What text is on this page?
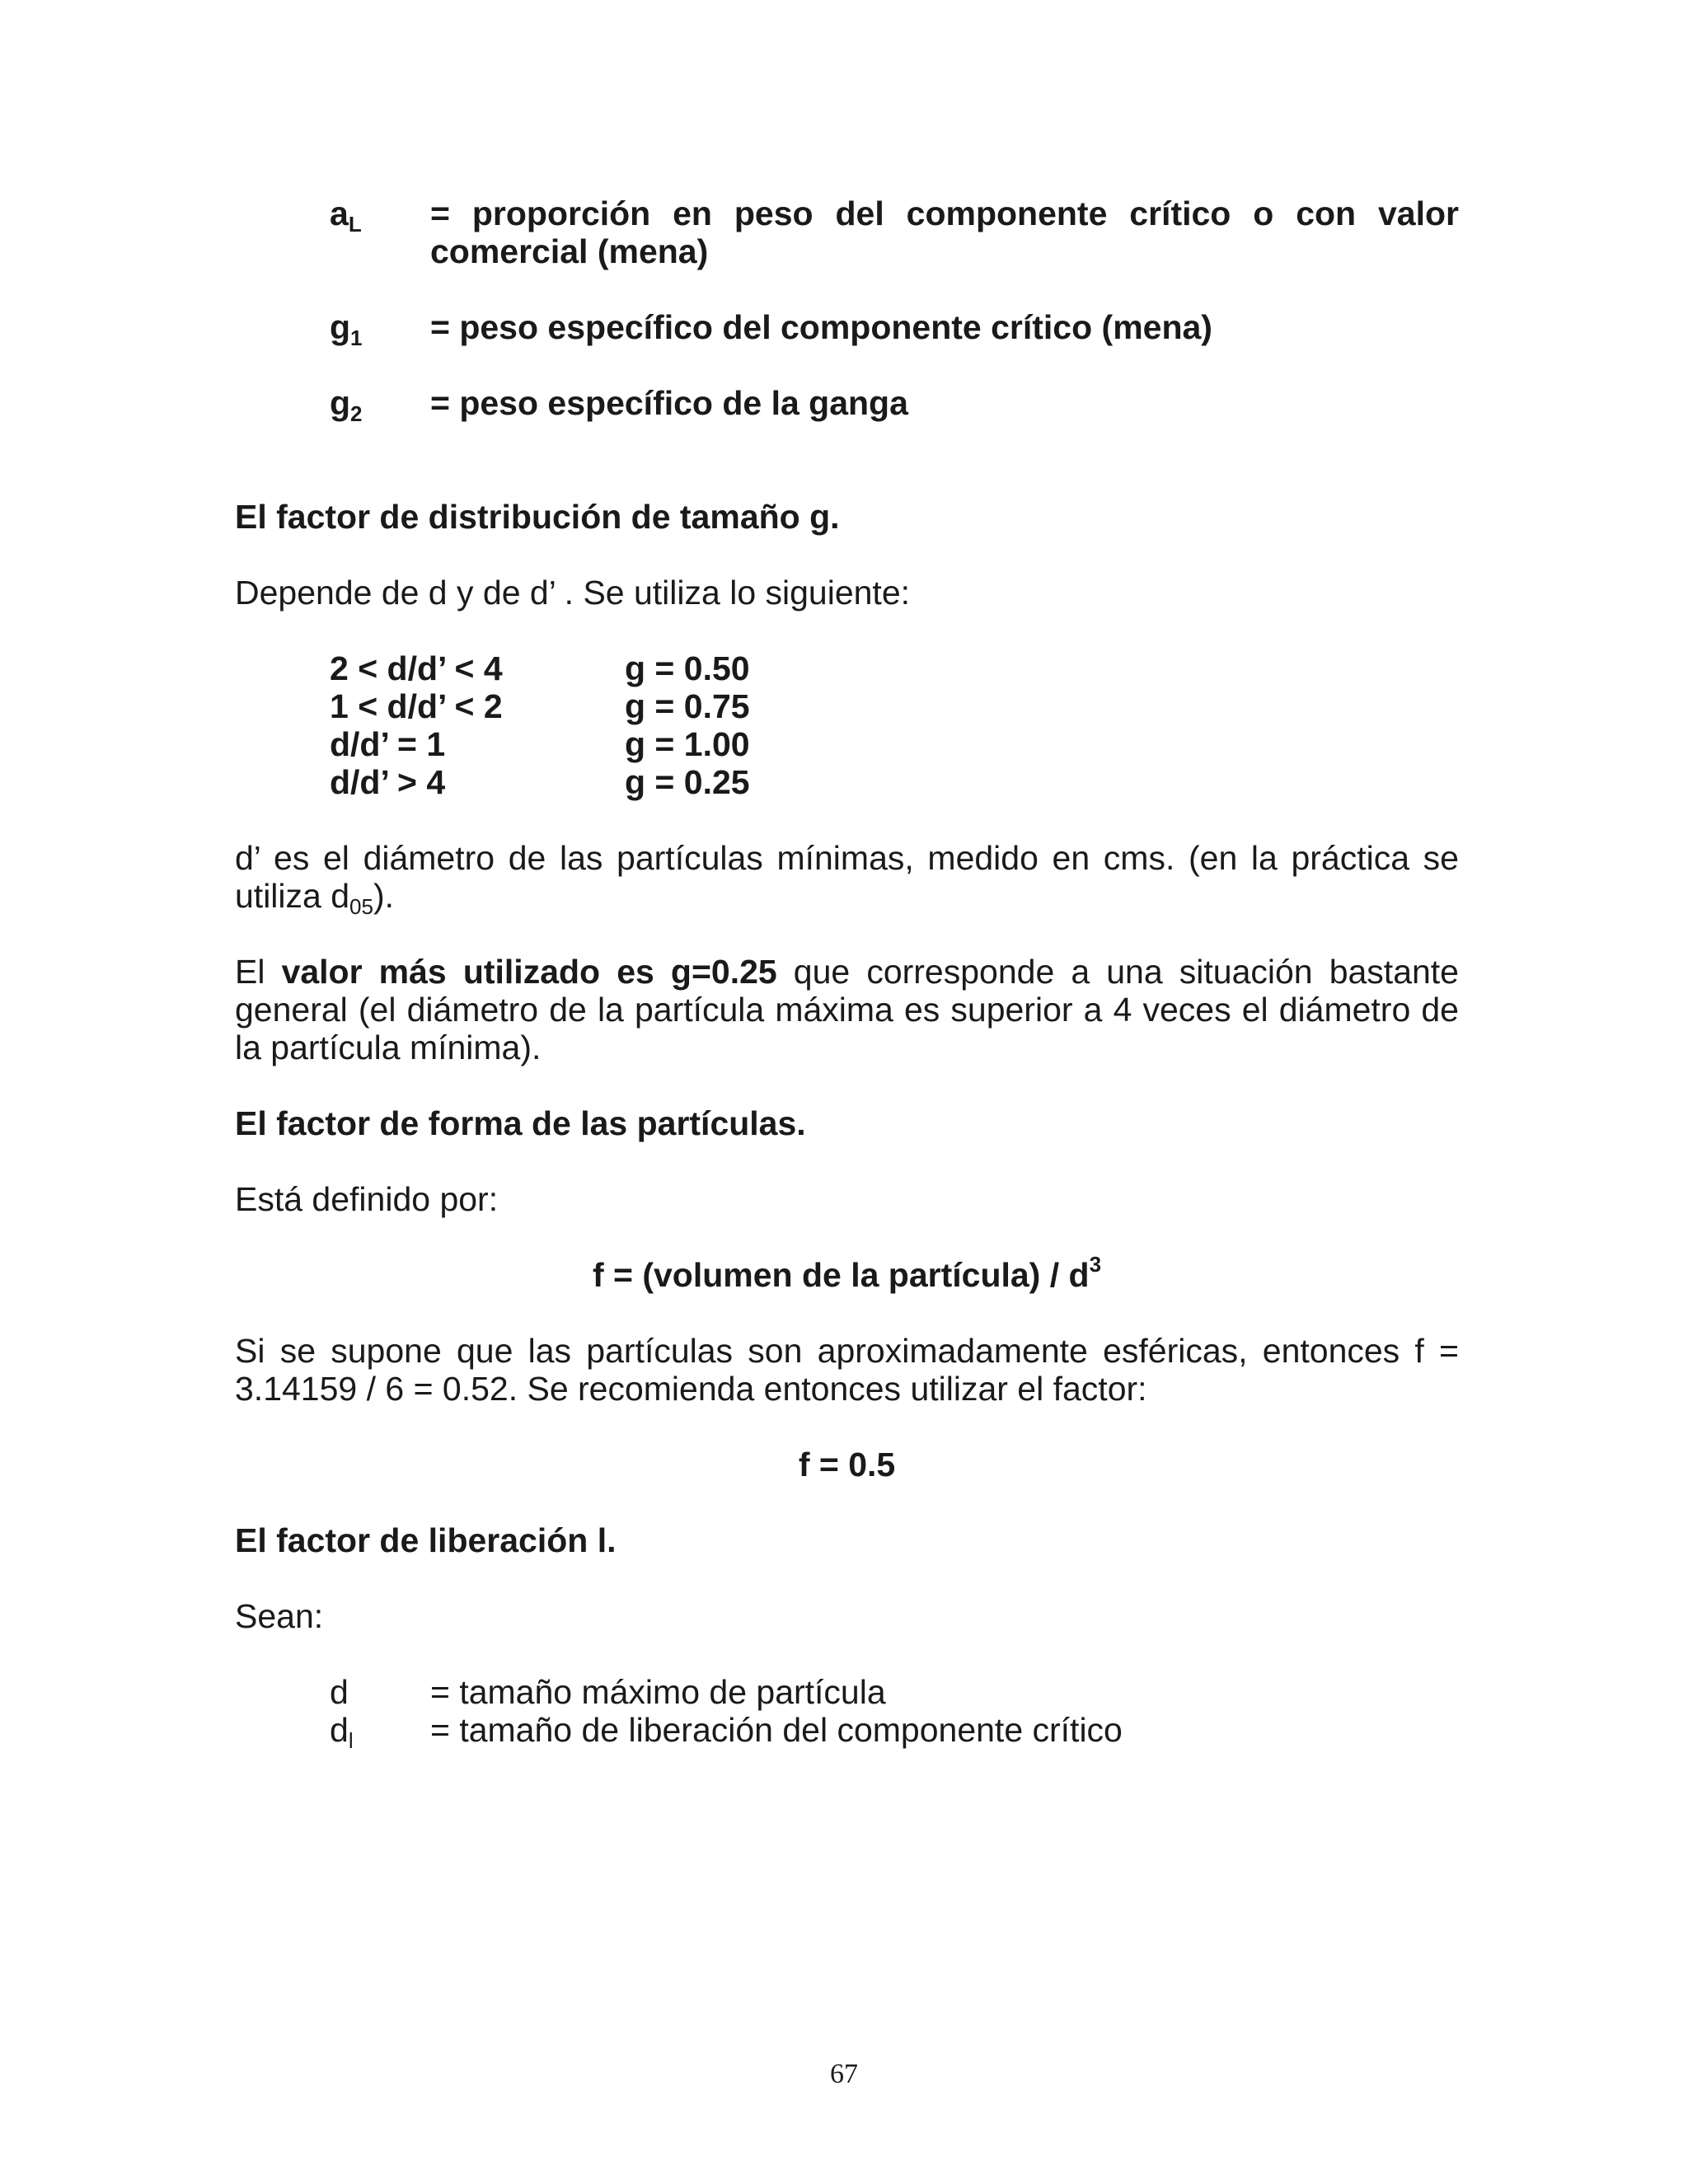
$a_L$	= proporción en peso del componente crítico o con valor comercial (mena)
$g_1$	= peso específico del componente crítico (mena)
$g_2$	= peso específico de la ganga
El factor de distribución de tamaño g.
Depende de d y de d’ . Se utiliza lo siguiente:
2 < d/d’ < 4	g = 0.50
1 < d/d’ < 2	g = 0.75
d/d’ = 1	g = 1.00
d/d’ > 4	g = 0.25
d’ es el diámetro de las partículas mínimas, medido en cms. (en la práctica se utiliza $d_{05}$).
El valor más utilizado es g=0.25 que corresponde a una situación bastante general (el diámetro de la partícula máxima es superior a 4 veces el diámetro de la partícula mínima).
El factor de forma de las partículas.
Está definido por:
f = (volumen de la partícula) / $d^3$
Si se supone que las partículas son aproximadamente esféricas, entonces f = 3.14159 / 6 = 0.52. Se recomienda entonces utilizar el factor:
f = 0.5
El factor de liberación l.
Sean:
d	= tamaño máximo de partícula
$d_l$	= tamaño de liberación del componente crítico
67
